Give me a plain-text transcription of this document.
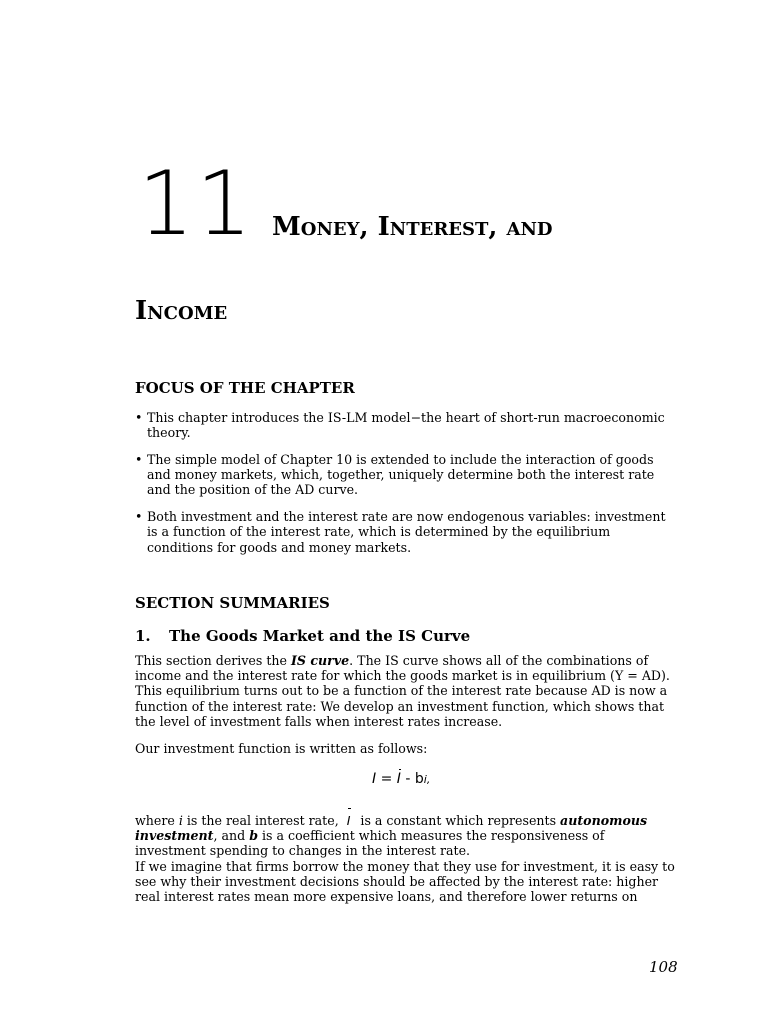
11 Money, Interest, and
Income
FOCUS OF THE CHAPTER
• This chapter introduces the IS-LM model−the heart of short-run macroeconomic theory.
• The simple model of Chapter 10 is extended to include the interaction of goods and money markets, which, together, uniquely determine both the interest rate and the position of the AD curve.
• Both investment and the interest rate are now endogenous variables: investment is a function of the interest rate, which is determined by the equilibrium conditions for goods and money markets.
SECTION SUMMARIES
1. The Goods Market and the IS Curve

This section derives the IS curve. The IS curve shows all of the combinations of income and the interest rate for which the goods market is in equilibrium (Y = AD). This equilibrium turns out to be a function of the interest rate because AD is now a function of the interest rate: We develop an investment function, which shows that the level of investment falls when interest rates increase.

Our investment function is written as follows:

I = I - bi,

where i is the real interest rate, I is a constant which represents autonomous investment, and b is a coefficient which measures the responsiveness of investment spending to changes in the interest rate.

If we imagine that firms borrow the money that they use for investment, it is easy to see why their investment decisions should be affected by the interest rate: higher real interest rates mean more expensive loans, and therefore lower returns on

108
